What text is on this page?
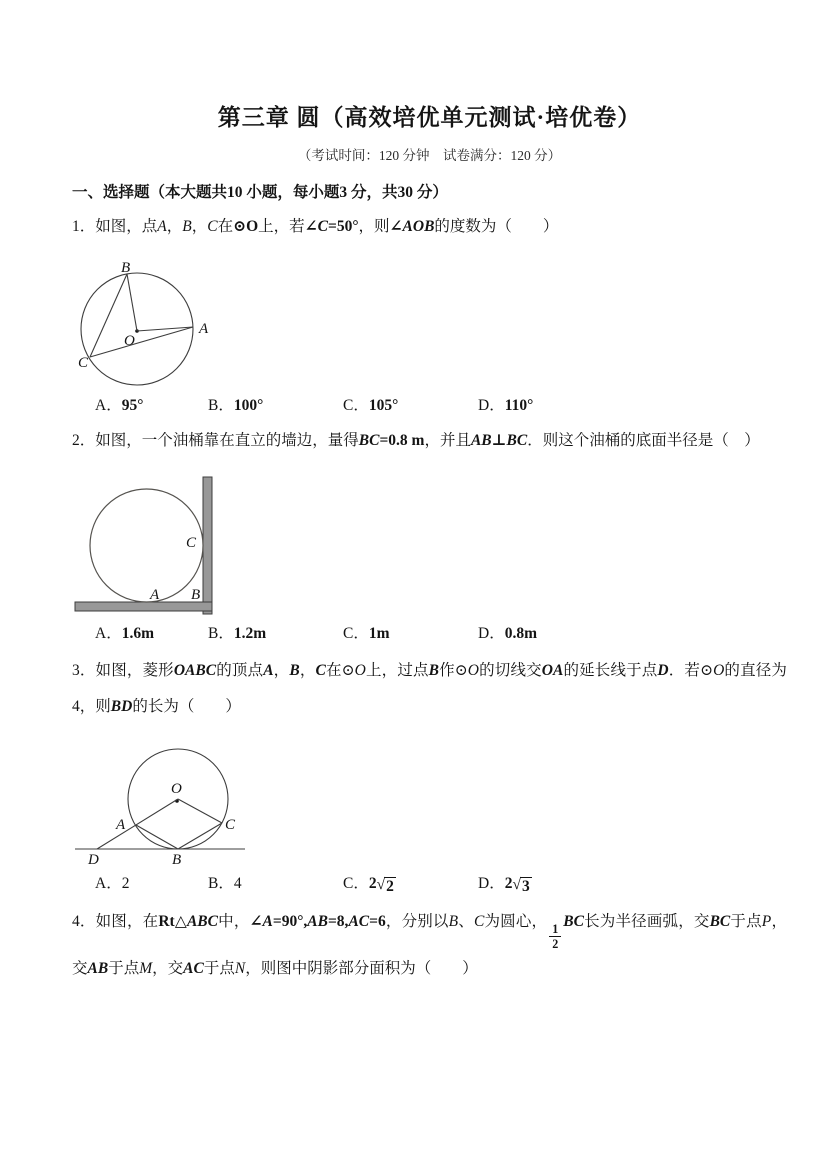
第三章 圆（高效培优单元测试·培优卷）
（考试时间：120 分钟　试卷满分：120 分）
一、选择题（本大题共10 小题，每小题3 分，共30 分）

1．如图，点A，B，C在⊙O上，若∠C=50°，则∠AOB的度数为（　　）

B
A
O
C
A．95°	B．100°	C．105°	D．110°

2．如图，一个油桶靠在直立的墙边，量得BC=0.8 m，并且AB⊥BC．则这个油桶的底面半径是（　）

C
A B
A．1.6m	B．1.2m	C．1m	D．0.8m

3．如图，菱形OABC的顶点A，B，C在⊙O上，过点B作⊙O的切线交OA的延长线于点D．若⊙O的直径为4，则BD的长为（　　）

O
A	C
D	B
A．2	B．4	C．2 √ 2	D．2 √ 3

4．如图，在Rt△ABC中，∠A=90°,AB=8,AC=6，分别以B、C为圆心，
$\frac{1}{2}$
BC长为半径画弧，交BC于点P，交AB于点M，交AC于点N，则图中阴影部分面积为（　　）
